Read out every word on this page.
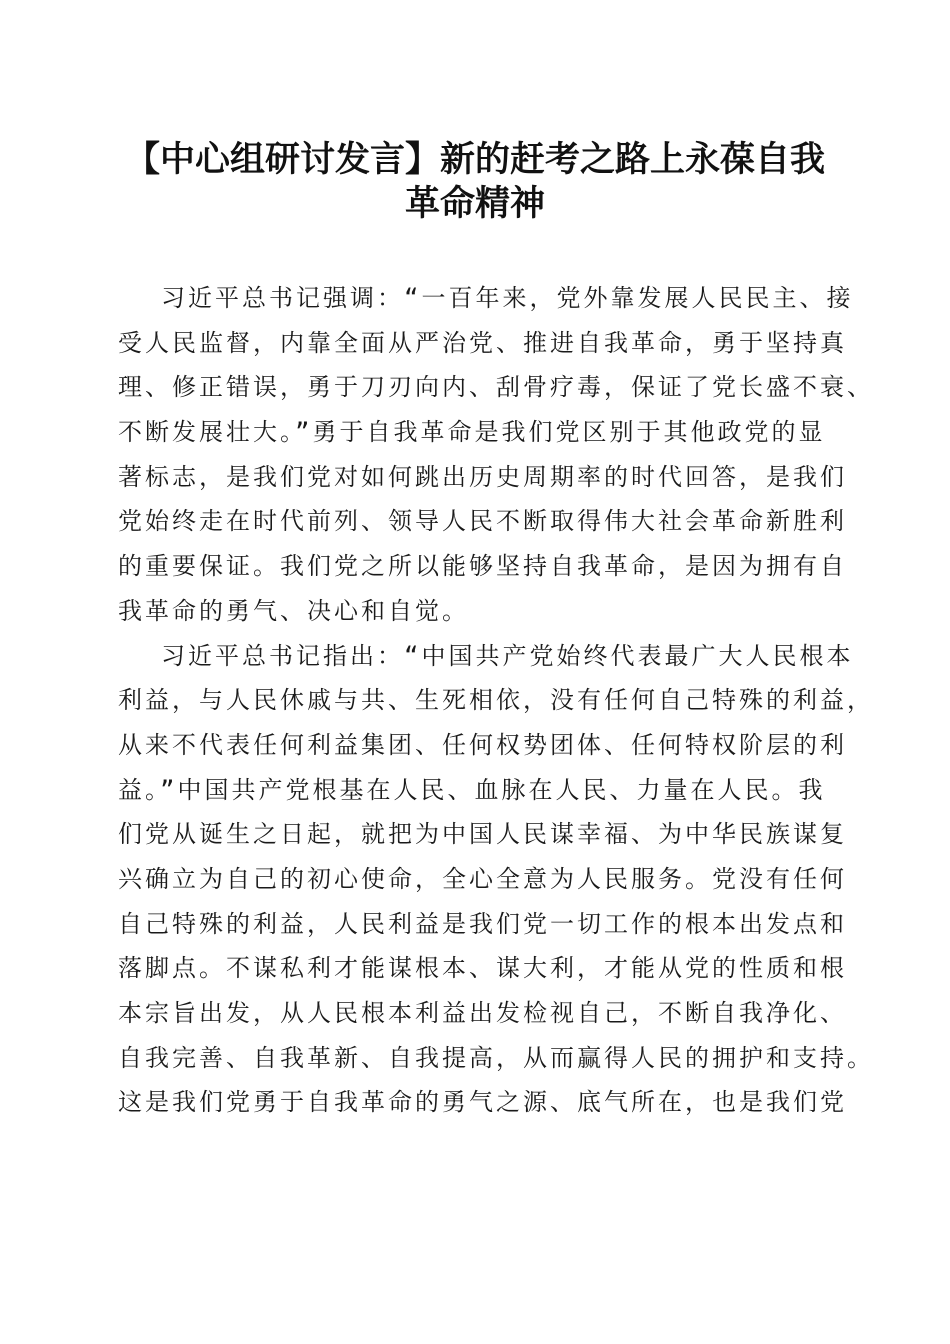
【中心组研讨发言】新的赶考之路上永葆自我
革命精神
习近平总书记强调：“一百年来，党外靠发展人民民主、接
受人民监督，内靠全面从严治党、推进自我革命，勇于坚持真
理、修正错误，勇于刀刃向内、刮骨疗毒，保证了党长盛不衰、
不断发展壮大。”勇于自我革命是我们党区别于其他政党的显
著标志，是我们党对如何跳出历史周期率的时代回答，是我们
党始终走在时代前列、领导人民不断取得伟大社会革命新胜利
的重要保证。我们党之所以能够坚持自我革命，是因为拥有自
我革命的勇气、决心和自觉。
习近平总书记指出：“中国共产党始终代表最广大人民根本
利益，与人民休戚与共、生死相依，没有任何自己特殊的利益，
从来不代表任何利益集团、任何权势团体、任何特权阶层的利
益。”中国共产党根基在人民、血脉在人民、力量在人民。我
们党从诞生之日起，就把为中国人民谋幸福、为中华民族谋复
兴确立为自己的初心使命，全心全意为人民服务。党没有任何
自己特殊的利益，人民利益是我们党一切工作的根本出发点和
落脚点。不谋私利才能谋根本、谋大利，才能从党的性质和根
本宗旨出发，从人民根本利益出发检视自己，不断自我净化、
自我完善、自我革新、自我提高，从而赢得人民的拥护和支持。
这是我们党勇于自我革命的勇气之源、底气所在，也是我们党
